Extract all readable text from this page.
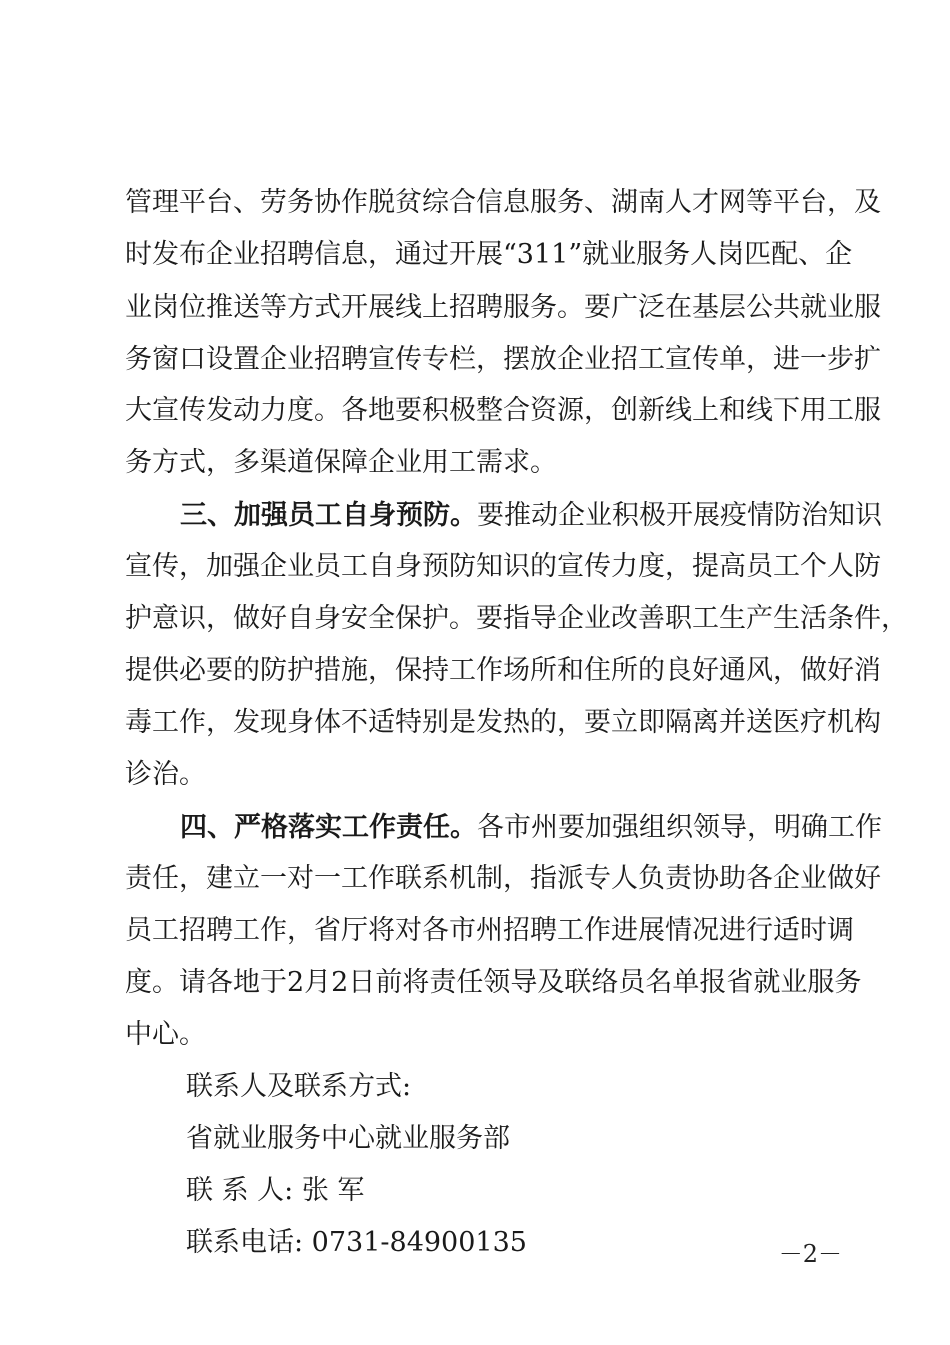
管理平台、劳务协作脱贫综合信息服务、湖南人才网等平台，及
时发布企业招聘信息，通过开展“311”就业服务人岗匹配、企
业岗位推送等方式开展线上招聘服务。要广泛在基层公共就业服
务窗口设置企业招聘宣传专栏，摆放企业招工宣传单，进一步扩
大宣传发动力度。各地要积极整合资源，创新线上和线下用工服
务方式，多渠道保障企业用工需求。
三、加强员工自身预防。要推动企业积极开展疫情防治知识
宣传，加强企业员工自身预防知识的宣传力度，提高员工个人防
护意识，做好自身安全保护。要指导企业改善职工生产生活条件，
提供必要的防护措施，保持工作场所和住所的良好通风，做好消
毒工作，发现身体不适特别是发热的，要立即隔离并送医疗机构
诊治。
四、严格落实工作责任。各市州要加强组织领导，明确工作
责任，建立一对一工作联系机制，指派专人负责协助各企业做好
员工招聘工作，省厅将对各市州招聘工作进展情况进行适时调
度。请各地于2月2日前将责任领导及联络员名单报省就业服务
中心。
联系人及联系方式:
省就业服务中心就业服务部
联 系 人: 张 军
联系电话: 0731-84900135	－2－
